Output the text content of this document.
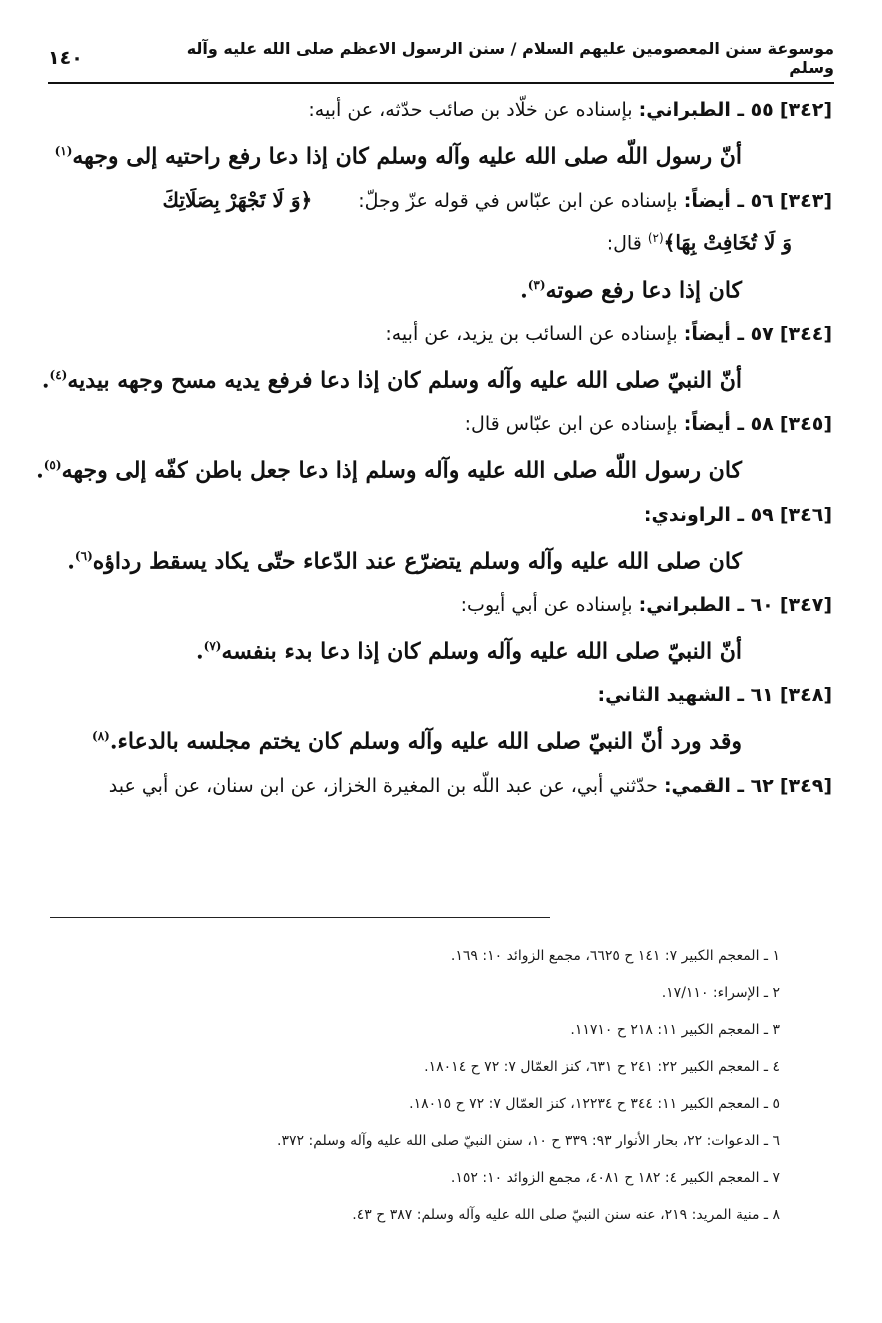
موسوعة سنن المعصومين عليهم السلام / سنن الرسول الاعظم صلى الله عليه وآله وسلم
١٤٠

[٣٤٢] ٥٥ ـ الطبراني: بإسناده عن خلّاد بن صائب حدّثه، عن أبيه:

أنّ رسول اللّه صلى الله عليه وآله وسلم كان إذا دعا رفع راحتيه إلى وجهه$^{(١)}$

[٣٤٣] ٥٦ ـ أيضاً: بإسناده عن ابن عبّاس في قوله عزّ وجلّ: ﴿وَ لَا تَجْهَرْ بِصَلَاتِكَ

وَ لَا تُخَافِتْ بِهَا﴾$^{(٢)}$ قال:

كان إذا دعا رفع صوته$^{(٣)}$.

[٣٤٤] ٥٧ ـ أيضاً: بإسناده عن السائب بن يزيد، عن أبيه:

أنّ النبيّ صلى الله عليه وآله وسلم كان إذا دعا فرفع يديه مسح وجهه بيديه$^{(٤)}$.

[٣٤٥] ٥٨ ـ أيضاً: بإسناده عن ابن عبّاس قال:

كان رسول اللّه صلى الله عليه وآله وسلم إذا دعا جعل باطن كفّه إلى وجهه$^{(٥)}$.

[٣٤٦] ٥٩ ـ الراوندي:

كان صلى الله عليه وآله وسلم يتضرّع عند الدّعاء حتّى يكاد يسقط رداؤه$^{(٦)}$.

[٣٤٧] ٦٠ ـ الطبراني: بإسناده عن أبي أيوب:

أنّ النبيّ صلى الله عليه وآله وسلم كان إذا دعا بدء بنفسه$^{(٧)}$.

[٣٤٨] ٦١ ـ الشهيد الثاني:

وقد ورد أنّ النبيّ صلى الله عليه وآله وسلم كان يختم مجلسه بالدعاء.$^{(٨)}$

[٣٤٩] ٦٢ ـ القمي: حدّثني أبي، عن عبد اللّه بن المغيرة الخزاز، عن ابن سنان، عن أبي عبد

١ ـ المعجم الكبير ٧: ١٤١ ح ٦٦٢٥، مجمع الزوائد ١٠: ١٦٩.

٢ ـ الإسراء: ١٧/١١٠.

٣ ـ المعجم الكبير ١١: ٢١٨ ح ١١٧١٠.

٤ ـ المعجم الكبير ٢٢: ٢٤١ ح ٦٣١، كنز العمّال ٧: ٧٢ ح ١٨٠١٤.

٥ ـ المعجم الكبير ١١: ٣٤٤ ح ١٢٢٣٤، كنز العمّال ٧: ٧٢ ح ١٨٠١٥.

٦ ـ الدعوات: ٢٢، بحار الأنوار ٩٣: ٣٣٩ ح ١٠، سنن النبيّ صلى الله عليه وآله وسلم: ٣٧٢.

٧ ـ المعجم الكبير ٤: ١٨٢ ح ٤٠٨١، مجمع الزوائد ١٠: ١٥٢.

٨ ـ منية المريد: ٢١٩، عنه سنن النبيّ صلى الله عليه وآله وسلم: ٣٨٧ ح ٤٣.
